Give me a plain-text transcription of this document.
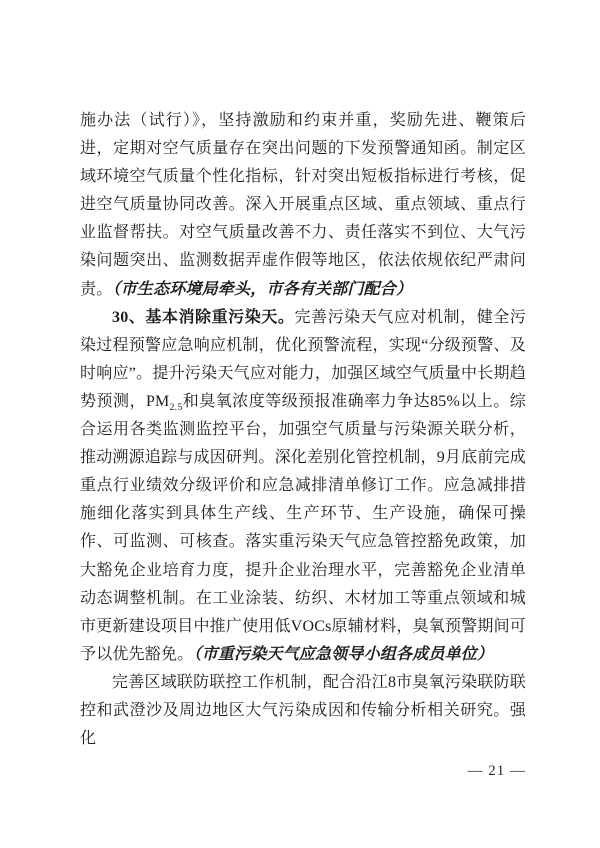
施办法（试行）》，坚持激励和约束并重，奖励先进、鞭策后进，定期对空气质量存在突出问题的下发预警通知函。制定区域环境空气质量个性化指标，针对突出短板指标进行考核，促进空气质量协同改善。深入开展重点区域、重点领域、重点行业监督帮扶。对空气质量改善不力、责任落实不到位、大气污染问题突出、监测数据弄虚作假等地区，依法依规依纪严肃问责。（市生态环境局牵头，市各有关部门配合）

30、基本消除重污染天。完善污染天气应对机制，健全污染过程预警应急响应机制，优化预警流程，实现“分级预警、及时响应”。提升污染天气应对能力，加强区域空气质量中长期趋势预测，$PM_{2.5}$和臭氧浓度等级预报准确率力争达85%以上。综合运用各类监测监控平台，加强空气质量与污染源关联分析，推动溯源追踪与成因研判。深化差别化管控机制，9月底前完成重点行业绩效分级评价和应急减排清单修订工作。应急减排措施细化落实到具体生产线、生产环节、生产设施，确保可操作、可监测、可核查。落实重污染天气应急管控豁免政策，加大豁免企业培育力度，提升企业治理水平，完善豁免企业清单动态调整机制。在工业涂装、纺织、木材加工等重点领域和城市更新建设项目中推广使用低VOCs原辅材料，臭氧预警期间可予以优先豁免。（市重污染天气应急领导小组各成员单位）

完善区域联防联控工作机制，配合沿江8市臭氧污染联防联控和武澄沙及周边地区大气污染成因和传输分析相关研究。强化

— 21 —
